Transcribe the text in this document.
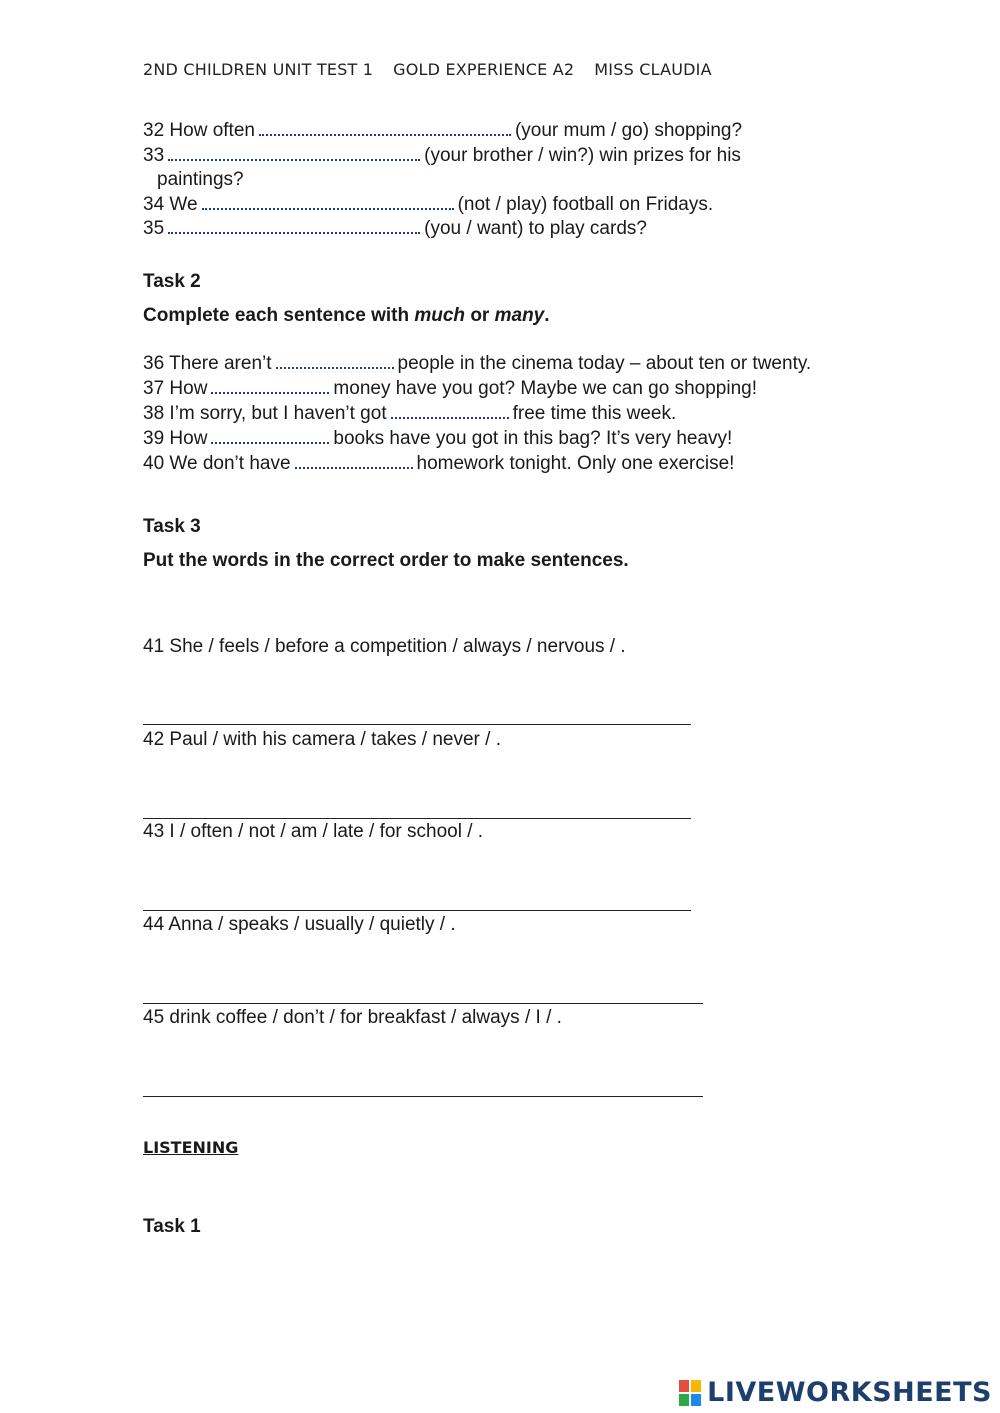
2ND CHILDREN UNIT TEST 1 GOLD EXPERIENCE A2 MISS CLAUDIA
32 How often	(your mum / go) shopping?
33	(your brother / win?) win prizes for his
paintings?
34 We	(not / play) football on Fridays.
35	(you / want) to play cards?
Task 2
Complete each sentence with much or many.
36 There aren’t	people in the cinema today – about ten or twenty.
37 How	money have you got? Maybe we can go shopping!
38 I’m sorry, but I haven’t got	free time this week.
39 How	books have you got in this bag? It’s very heavy!
40 We don’t have	homework tonight. Only one exercise!
Task 3
Put the words in the correct order to make sentences.
41 She / feels / before a competition / always / nervous / .
42 Paul / with his camera / takes / never / .
43 I / often / not / am / late / for school / .
44 Anna / speaks / usually / quietly / .
45 drink coffee / don’t / for breakfast / always / I / .
LISTENING
Task 1
LIVEWORKSHEETS
